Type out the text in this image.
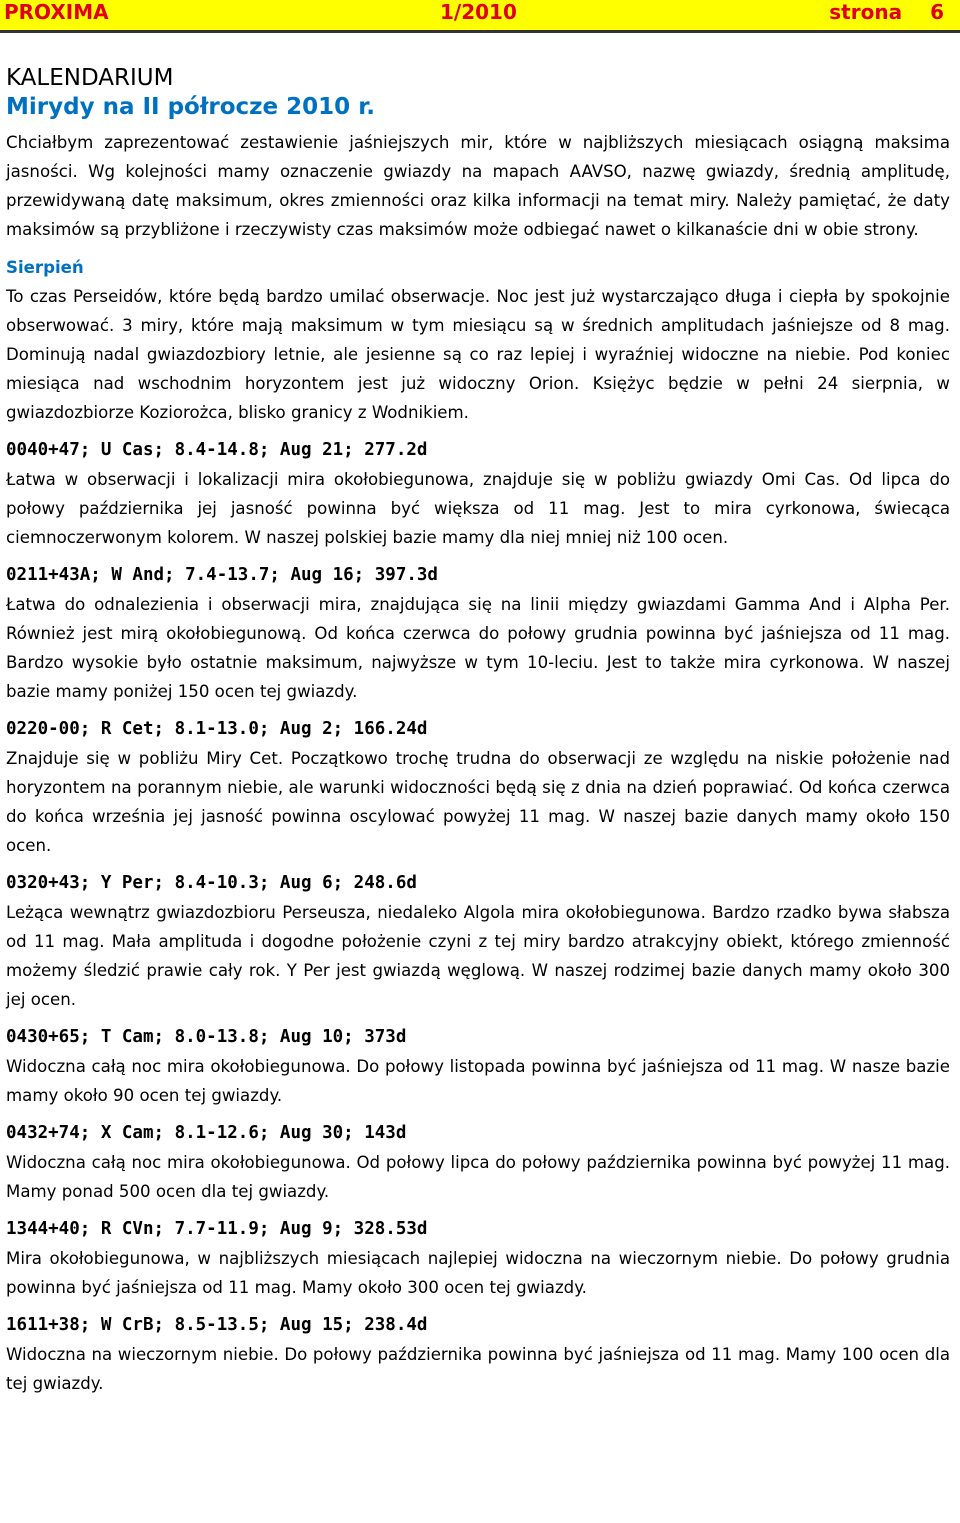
PROXIMA	1/2010	strona 6
KALENDARIUM
Mirydy na II półrocze 2010 r.

Chciałbym zaprezentować zestawienie jaśniejszych mir, które w najbliższych miesiącach osiągną maksima jasności. Wg kolejności mamy oznaczenie gwiazdy na mapach AAVSO, nazwę gwiazdy, średnią amplitudę, przewidywaną datę maksimum, okres zmienności oraz kilka informacji na temat miry. Należy pamiętać, że daty maksimów są przybliżone i rzeczywisty czas maksimów może odbiegać nawet o kilkanaście dni w obie strony.

Sierpień

To czas Perseidów, które będą bardzo umilać obserwacje. Noc jest już wystarczająco długa i ciepła by spokojnie obserwować. 3 miry, które mają maksimum w tym miesiącu są w średnich amplitudach jaśniejsze od 8 mag. Dominują nadal gwiazdozbiory letnie, ale jesienne są co raz lepiej i wyraźniej widoczne na niebie. Pod koniec miesiąca nad wschodnim horyzontem jest już widoczny Orion. Księżyc będzie w pełni 24 sierpnia, w gwiazdozbiorze Koziorożca, blisko granicy z Wodnikiem.

0040+47; U Cas; 8.4-14.8; Aug 21; 277.2d

Łatwa w obserwacji i lokalizacji mira okołobiegunowa, znajduje się w pobliżu gwiazdy Omi Cas. Od lipca do połowy października jej jasność powinna być większa od 11 mag. Jest to mira cyrkonowa, świecąca ciemnoczerwonym kolorem. W naszej polskiej bazie mamy dla niej mniej niż 100 ocen.

0211+43A; W And; 7.4-13.7; Aug 16; 397.3d

Łatwa do odnalezienia i obserwacji mira, znajdująca się na linii między gwiazdami Gamma And i Alpha Per. Również jest mirą okołobiegunową. Od końca czerwca do połowy grudnia powinna być jaśniejsza od 11 mag. Bardzo wysokie było ostatnie maksimum, najwyższe w tym 10-leciu. Jest to także mira cyrkonowa. W naszej bazie mamy poniżej 150 ocen tej gwiazdy.

0220-00; R Cet; 8.1-13.0; Aug 2; 166.24d

Znajduje się w pobliżu Miry Cet. Początkowo trochę trudna do obserwacji ze względu na niskie położenie nad horyzontem na porannym niebie, ale warunki widoczności będą się z dnia na dzień poprawiać. Od końca czerwca do końca września jej jasność powinna oscylować powyżej 11 mag. W naszej bazie danych mamy około 150 ocen.

0320+43; Y Per; 8.4-10.3; Aug 6; 248.6d

Leżąca wewnątrz gwiazdozbioru Perseusza, niedaleko Algola mira okołobiegunowa. Bardzo rzadko bywa słabsza od 11 mag. Mała amplituda i dogodne położenie czyni z tej miry bardzo atrakcyjny obiekt, którego zmienność możemy śledzić prawie cały rok. Y Per jest gwiazdą węglową. W naszej rodzimej bazie danych mamy około 300 jej ocen.

0430+65; T Cam; 8.0-13.8; Aug 10; 373d

Widoczna całą noc mira okołobiegunowa. Do połowy listopada powinna być jaśniejsza od 11 mag. W nasze bazie mamy około 90 ocen tej gwiazdy.

0432+74; X Cam; 8.1-12.6; Aug 30; 143d

Widoczna całą noc mira okołobiegunowa. Od połowy lipca do połowy października powinna być powyżej 11 mag. Mamy ponad 500 ocen dla tej gwiazdy.

1344+40; R CVn; 7.7-11.9; Aug 9; 328.53d

Mira okołobiegunowa, w najbliższych miesiącach najlepiej widoczna na wieczornym niebie. Do połowy grudnia powinna być jaśniejsza od 11 mag. Mamy około 300 ocen tej gwiazdy.

1611+38; W CrB; 8.5-13.5; Aug 15; 238.4d

Widoczna na wieczornym niebie. Do połowy października powinna być jaśniejsza od 11 mag. Mamy 100 ocen dla tej gwiazdy.
